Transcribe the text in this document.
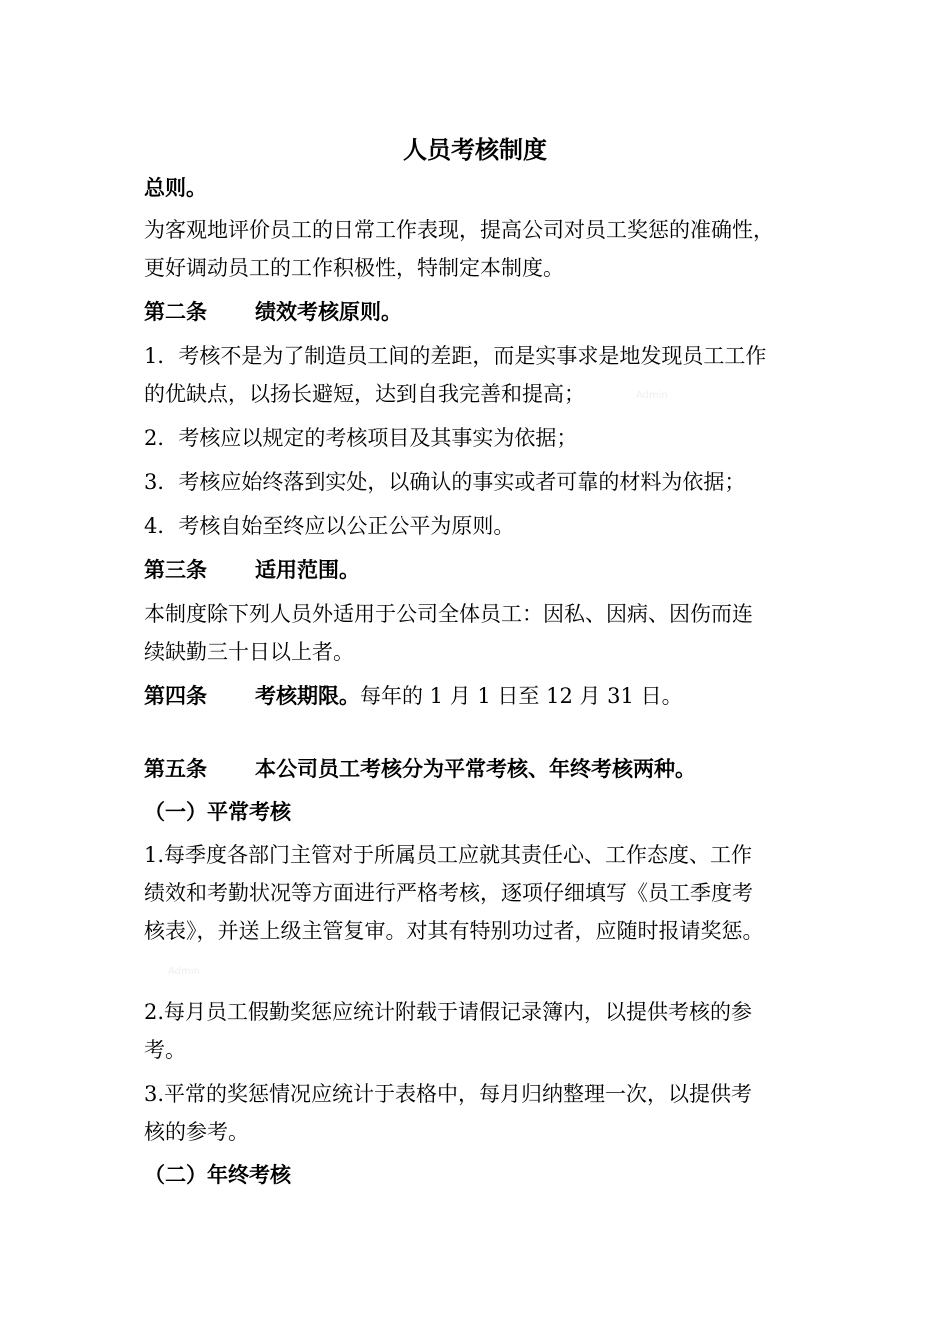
人员考核制度
总则。
为客观地评价员工的日常工作表现，提高公司对员工奖惩的准确性，
更好调动员工的工作积极性，特制定本制度。
第二条 绩效考核原则。
1．考核不是为了制造员工间的差距，而是实事求是地发现员工工作
的优缺点，以扬长避短，达到自我完善和提高；	Admin
2．考核应以规定的考核项目及其事实为依据；
3．考核应始终落到实处，以确认的事实或者可靠的材料为依据；
4．考核自始至终应以公正公平为原则。
第三条 适用范围。
本制度除下列人员外适用于公司全体员工：因私、因病、因伤而连
续缺勤三十日以上者。
第四条 考核期限。每年的 1 月 1 日至 12 月 31 日。
第五条 本公司员工考核分为平常考核、年终考核两种。
（一）平常考核
1.每季度各部门主管对于所属员工应就其责任心、工作态度、工作
绩效和考勤状况等方面进行严格考核，逐项仔细填写《员工季度考
核表》，并送上级主管复审。对其有特别功过者，应随时报请奖惩。
Admin
2.每月员工假勤奖惩应统计附载于请假记录簿内，以提供考核的参
考。
3.平常的奖惩情况应统计于表格中，每月归纳整理一次，以提供考
核的参考。
（二）年终考核
